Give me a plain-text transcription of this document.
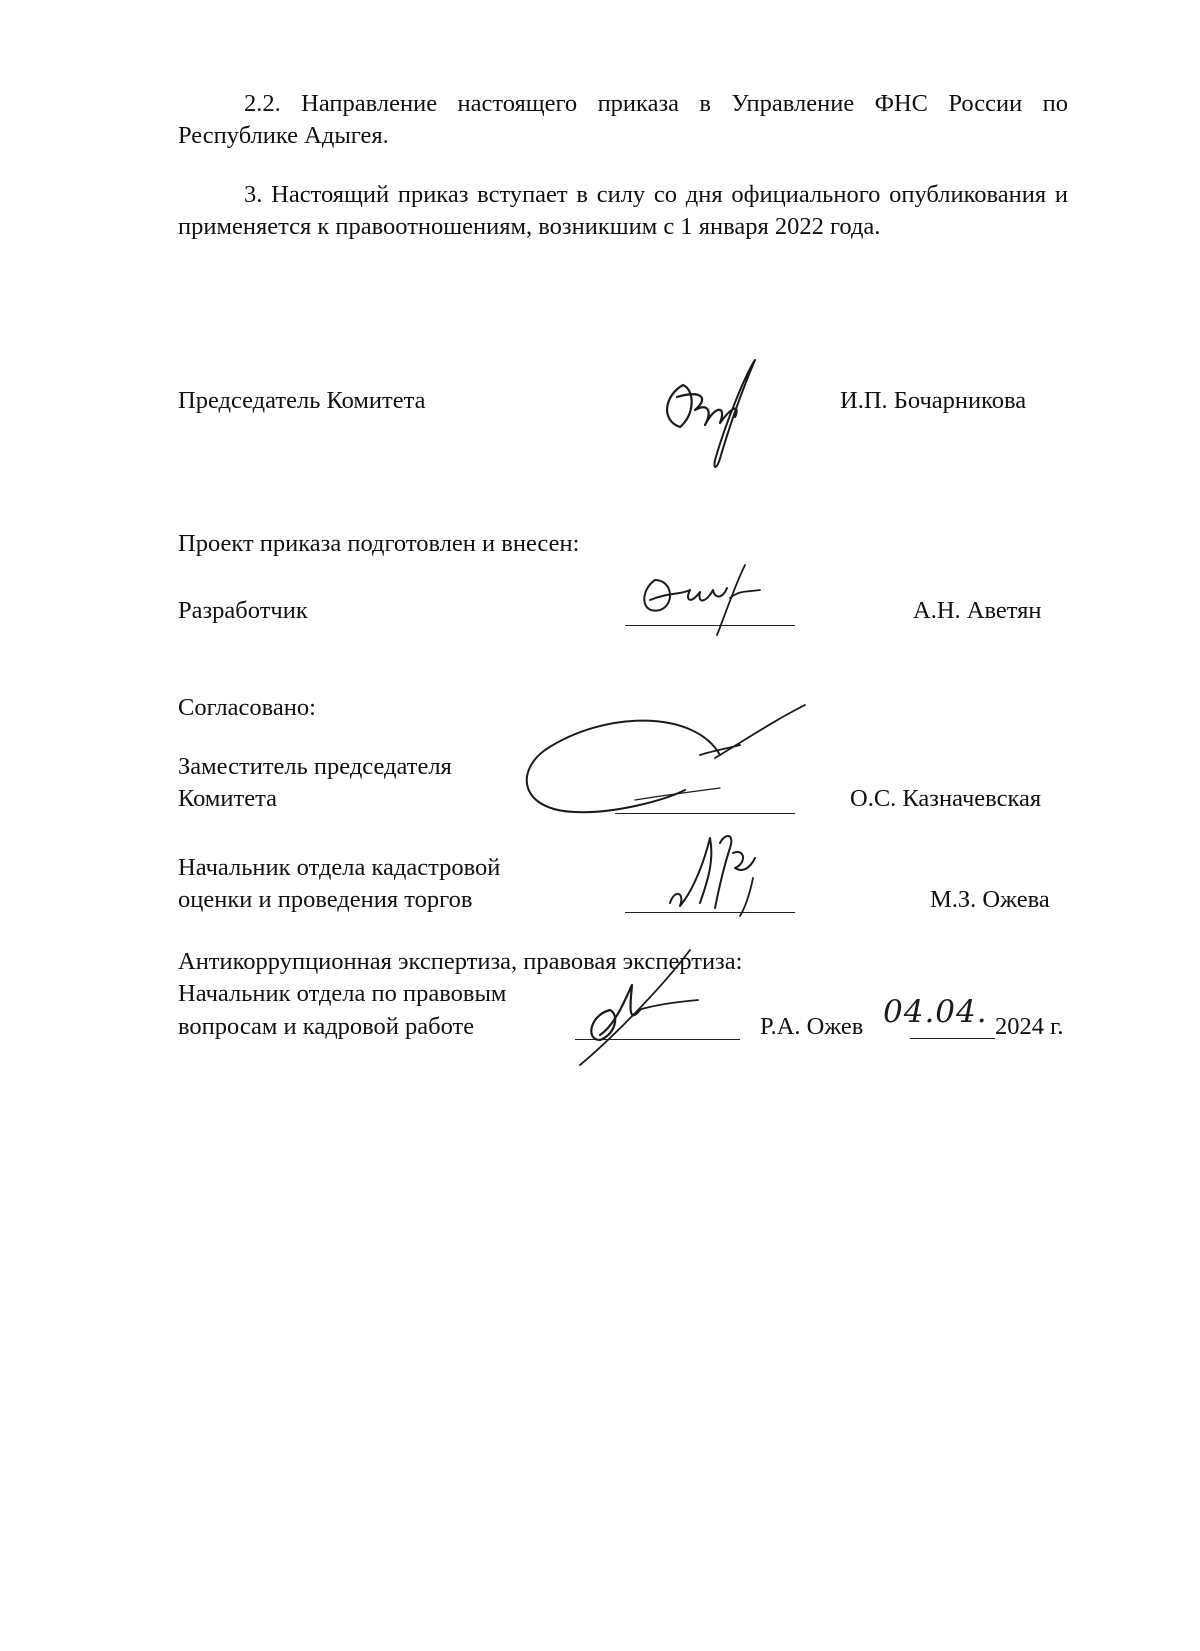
2.2. Направление настоящего приказа в Управление ФНС России по Республике Адыгея.
3. Настоящий приказ вступает в силу со дня официального опубликования и применяется к правоотношениям, возникшим с 1 января 2022 года.
Председатель Комитета	И.П. Бочарникова
Проект приказа подготовлен и внесен:
Разработчик	А.Н. Аветян
Согласовано:
Заместитель председателя
Комитета	О.С. Казначевская
Начальник отдела кадастровой
оценки и проведения торгов	М.З. Ожева
Антикоррупционная экспертиза, правовая экспертиза:
Начальник отдела по правовым
вопросам и кадровой работе	Р.А. Ожев 04.04. 2024 г.
